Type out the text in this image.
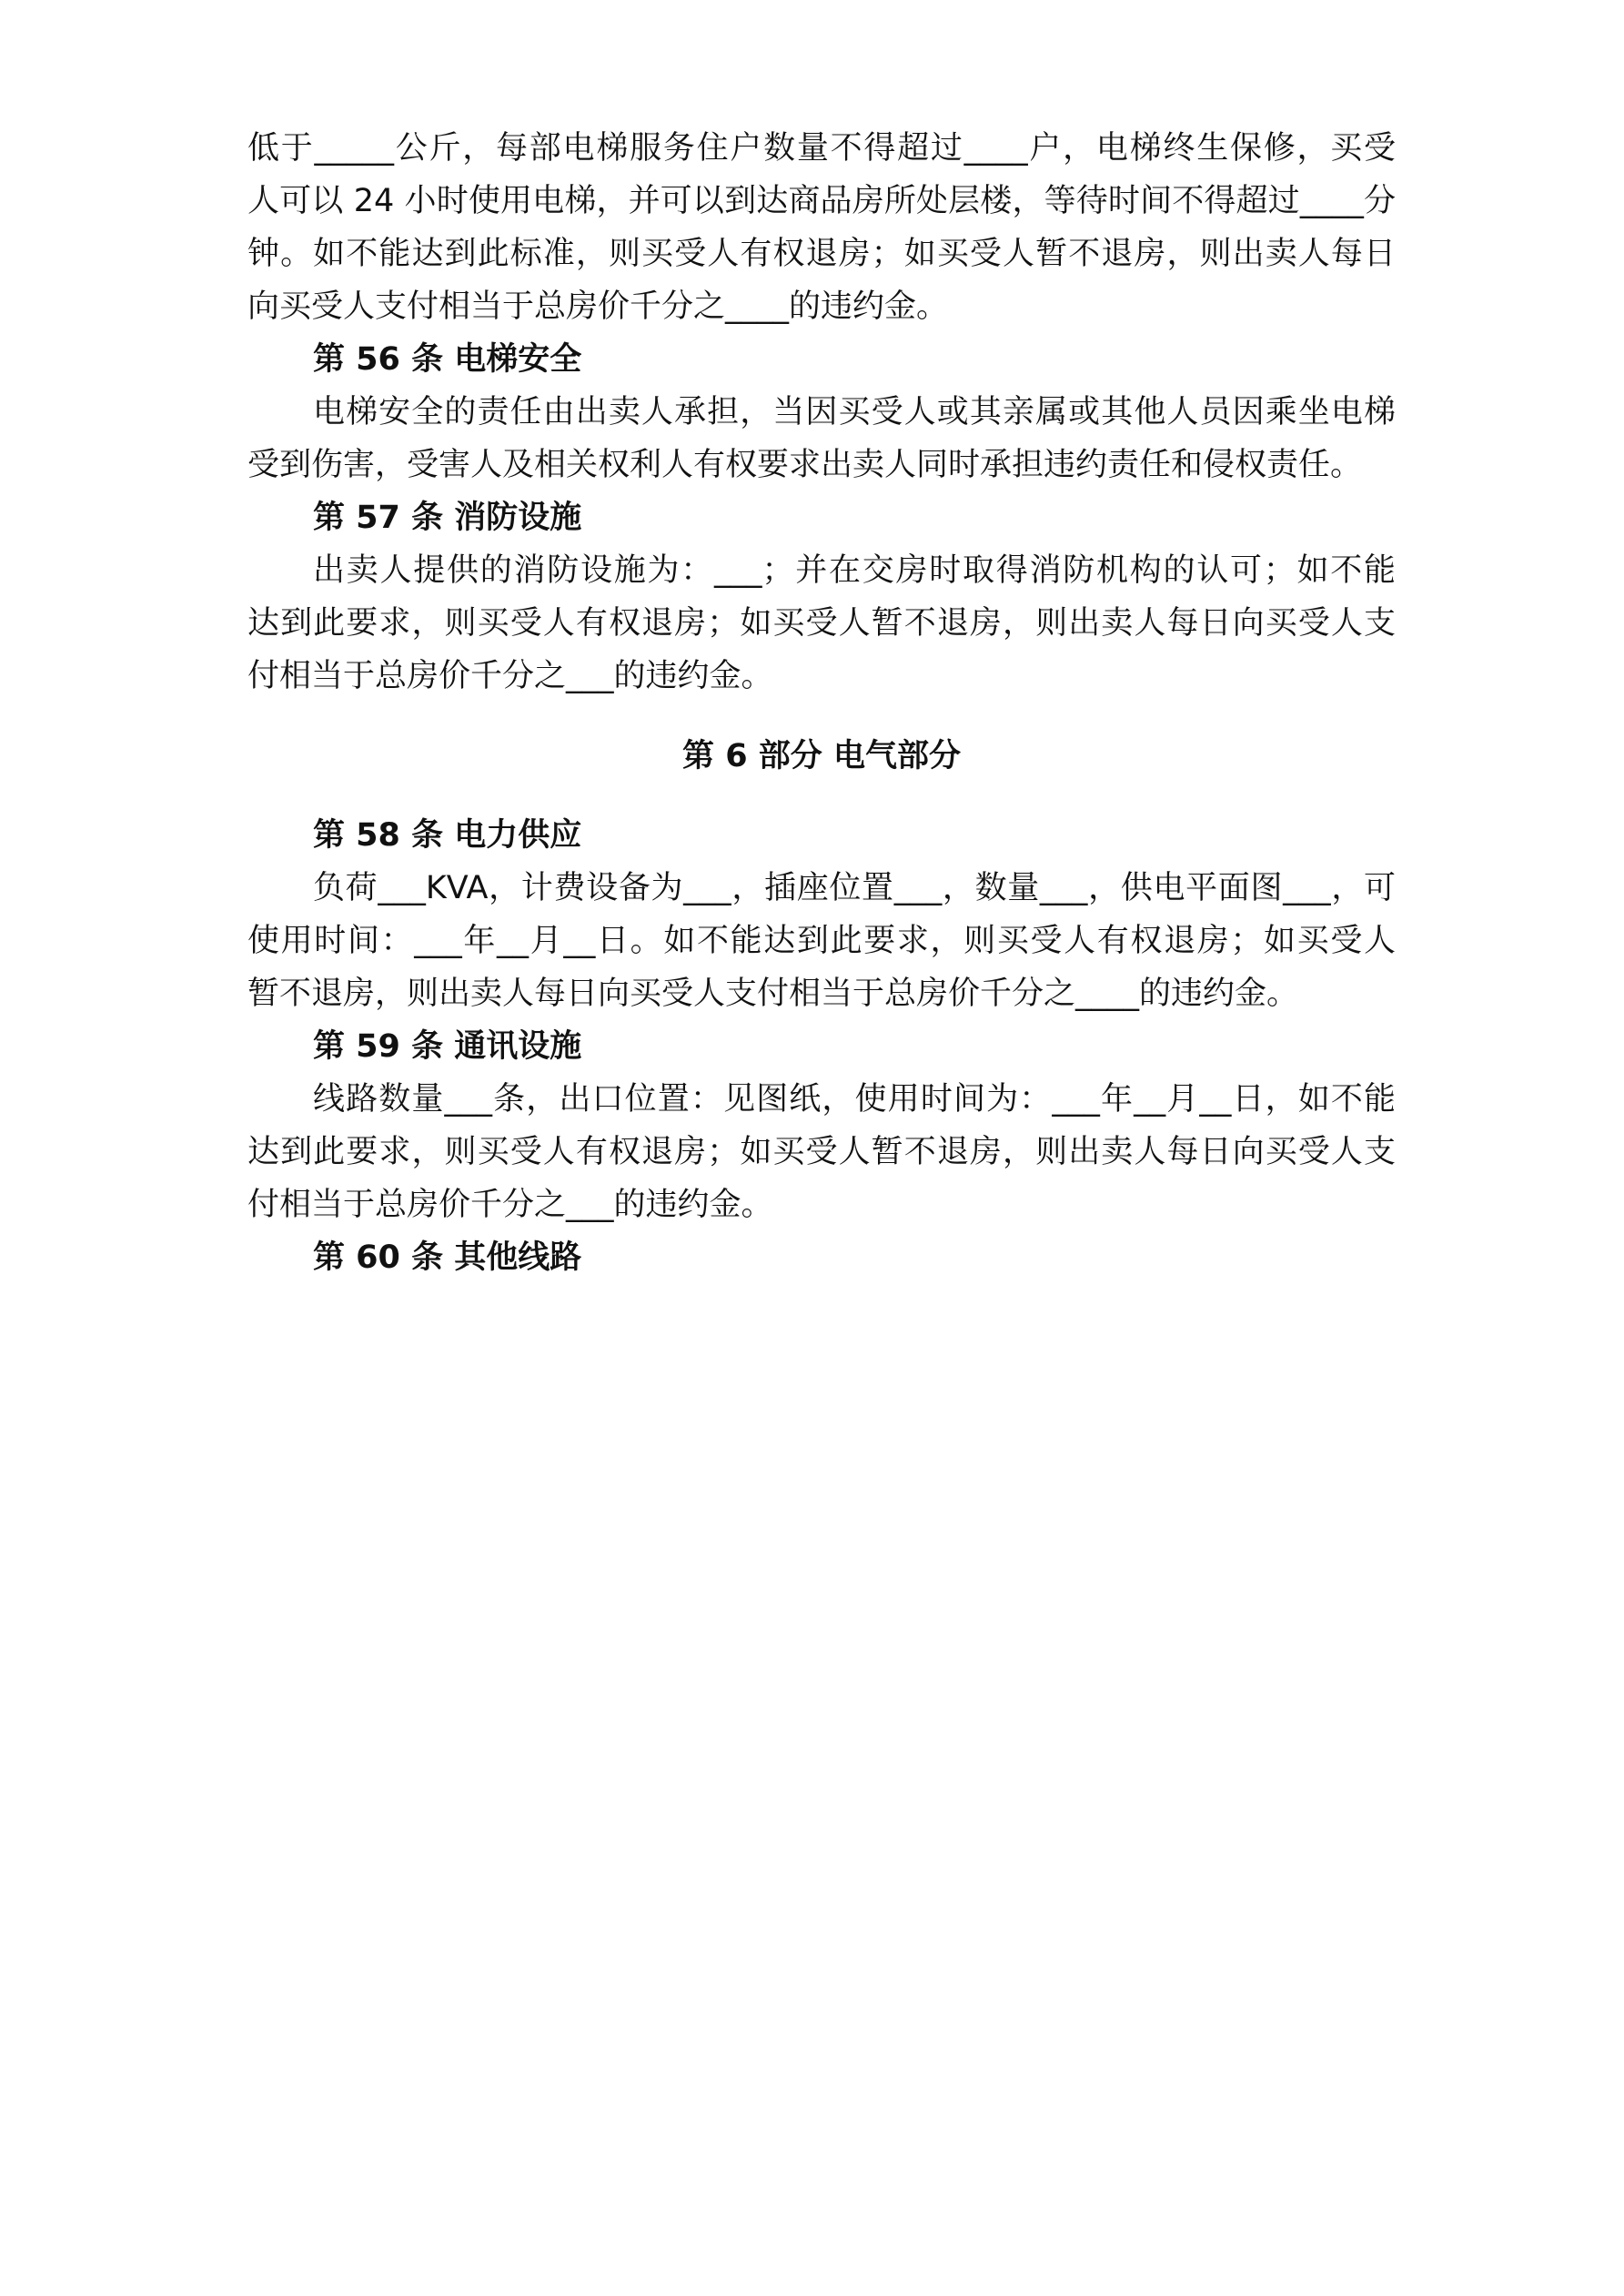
低于_____公斤，每部电梯服务住户数量不得超过____户，电梯终生保修，买受
人可以 24 小时使用电梯，并可以到达商品房所处层楼，等待时间不得超过____分
钟。如不能达到此标准，则买受人有权退房；如买受人暂不退房，则出卖人每日
向买受人支付相当于总房价千分之____的违约金。
第 56 条 电梯安全
电梯安全的责任由出卖人承担，当因买受人或其亲属或其他人员因乘坐电梯
受到伤害，受害人及相关权利人有权要求出卖人同时承担违约责任和侵权责任。
第 57 条 消防设施
出卖人提供的消防设施为：___；并在交房时取得消防机构的认可；如不能
达到此要求，则买受人有权退房；如买受人暂不退房，则出卖人每日向买受人支
付相当于总房价千分之___的违约金。
第 6 部分 电气部分
第 58 条 电力供应
负荷___KVA，计费设备为___，插座位置___，数量___，供电平面图___，可
使用时间：___年__月__日。如不能达到此要求，则买受人有权退房；如买受人
暂不退房，则出卖人每日向买受人支付相当于总房价千分之____的违约金。
第 59 条 通讯设施
线路数量___条，出口位置：见图纸，使用时间为：___年__月__日，如不能
达到此要求，则买受人有权退房；如买受人暂不退房，则出卖人每日向买受人支
付相当于总房价千分之___的违约金。
第 60 条 其他线路
